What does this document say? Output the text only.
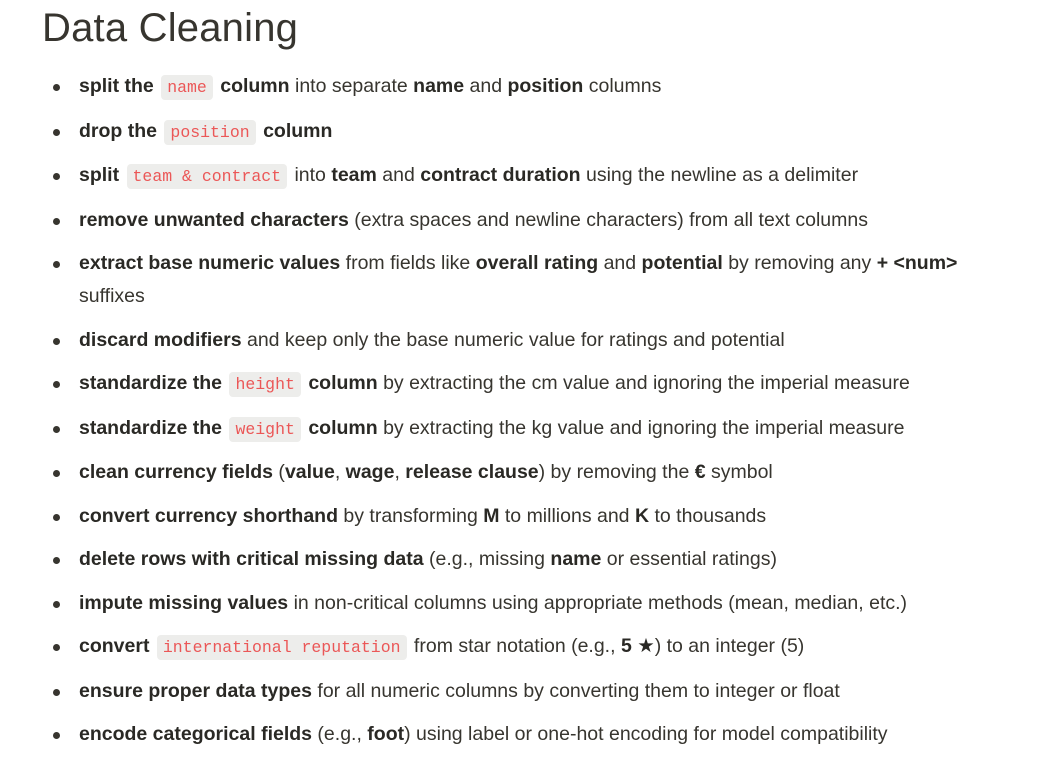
Data Cleaning
split the name column into separate name and position columns
drop the position column
split team & contract into team and contract duration using the newline as a delimiter
remove unwanted characters (extra spaces and newline characters) from all text columns
extract base numeric values from fields like overall rating and potential by removing any + <num> suffixes
discard modifiers and keep only the base numeric value for ratings and potential
standardize the height column by extracting the cm value and ignoring the imperial measure
standardize the weight column by extracting the kg value and ignoring the imperial measure
clean currency fields (value, wage, release clause) by removing the € symbol
convert currency shorthand by transforming M to millions and K to thousands
delete rows with critical missing data (e.g., missing name or essential ratings)
impute missing values in non-critical columns using appropriate methods (mean, median, etc.)
convert international reputation from star notation (e.g., 5 ★) to an integer (5)
ensure proper data types for all numeric columns by converting them to integer or float
encode categorical fields (e.g., foot) using label or one-hot encoding for model compatibility
